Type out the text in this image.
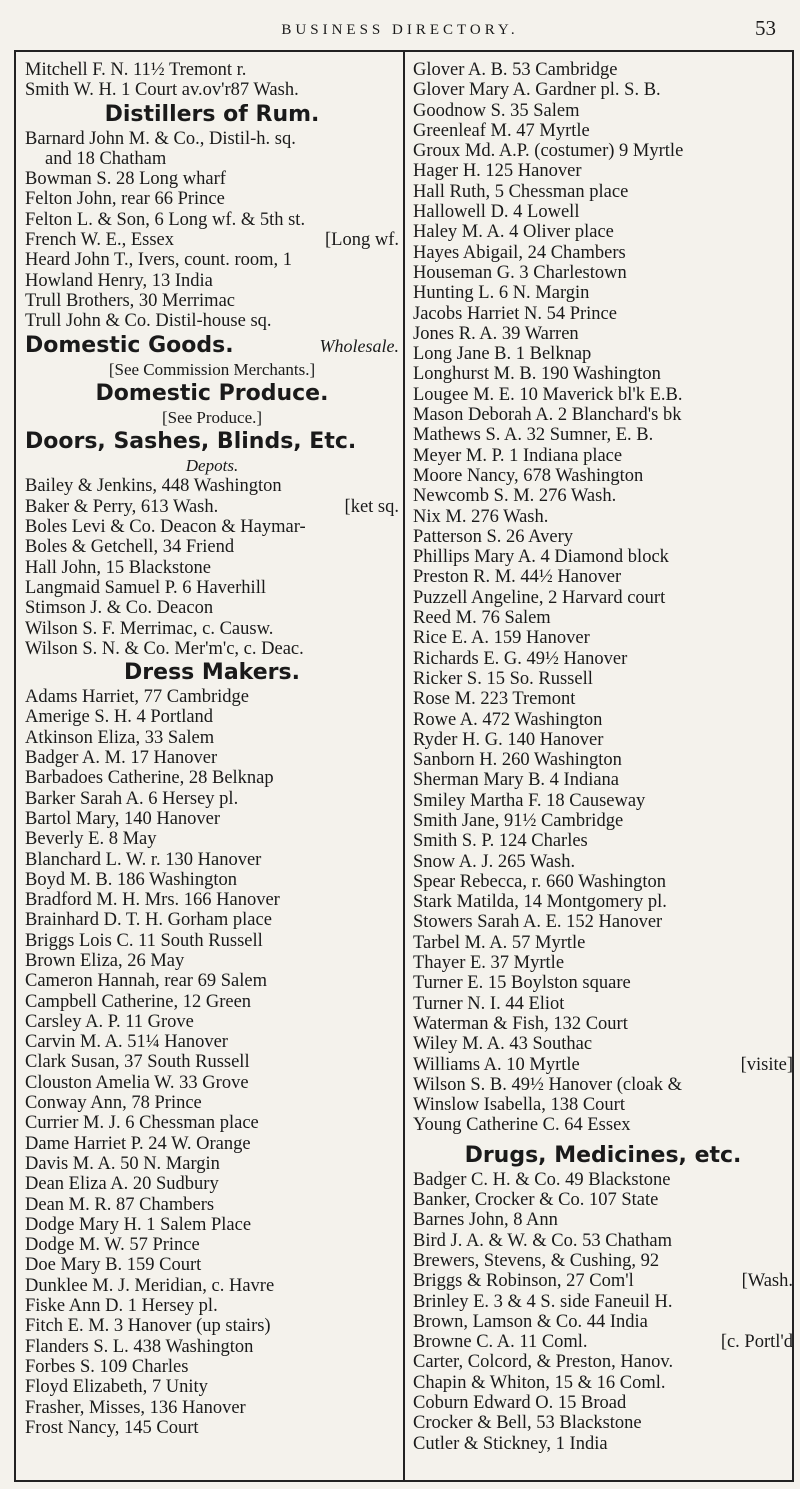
BUSINESS DIRECTORY.	53
Mitchell F. N. 11½ Tremont r.
Smith W. H. 1 Court av.ov'r87 Wash.
Distillers of Rum.
Barnard John M. & Co., Distil-h. sq.
and 18 Chatham
Bowman S. 28 Long wharf
Felton John, rear 66 Prince
Felton L. & Son, 6 Long wf. & 5th st.
French W. E., Essex	[Long wf.
Heard John T., Ivers, count. room, 1
Howland Henry, 13 India
Trull Brothers, 30 Merrimac
Trull John & Co. Distil-house sq.
Domestic Goods.	Wholesale.
[See Commission Merchants.]
Domestic Produce.
[See Produce.]
Doors, Sashes, Blinds, Etc.
Depots.
Bailey & Jenkins, 448 Washington
Baker & Perry, 613 Wash.	[ket sq.
Boles Levi & Co. Deacon & Haymar-
Boles & Getchell, 34 Friend
Hall John, 15 Blackstone
Langmaid Samuel P. 6 Haverhill
Stimson J. & Co. Deacon
Wilson S. F. Merrimac, c. Causw.
Wilson S. N. & Co. Mer'm'c, c. Deac.
Dress Makers.
Adams Harriet, 77 Cambridge
Amerige S. H. 4 Portland
Atkinson Eliza, 33 Salem
Badger A. M. 17 Hanover
Barbadoes Catherine, 28 Belknap
Barker Sarah A. 6 Hersey pl.
Bartol Mary, 140 Hanover
Beverly E. 8 May
Blanchard L. W. r. 130 Hanover
Boyd M. B. 186 Washington
Bradford M. H. Mrs. 166 Hanover
Brainhard D. T. H. Gorham place
Briggs Lois C. 11 South Russell
Brown Eliza, 26 May
Cameron Hannah, rear 69 Salem
Campbell Catherine, 12 Green
Carsley A. P. 11 Grove
Carvin M. A. 51¼ Hanover
Clark Susan, 37 South Russell
Clouston Amelia W. 33 Grove
Conway Ann, 78 Prince
Currier M. J. 6 Chessman place
Dame Harriet P. 24 W. Orange
Davis M. A. 50 N. Margin
Dean Eliza A. 20 Sudbury
Dean M. R. 87 Chambers
Dodge Mary H. 1 Salem Place
Dodge M. W. 57 Prince
Doe Mary B. 159 Court
Dunklee M. J. Meridian, c. Havre
Fiske Ann D. 1 Hersey pl.
Fitch E. M. 3 Hanover (up stairs)
Flanders S. L. 438 Washington
Forbes S. 109 Charles
Floyd Elizabeth, 7 Unity
Frasher, Misses, 136 Hanover
Frost Nancy, 145 Court
Glover A. B. 53 Cambridge
Glover Mary A. Gardner pl. S. B.
Goodnow S. 35 Salem
Greenleaf M. 47 Myrtle
Groux Md. A.P. (costumer) 9 Myrtle
Hager H. 125 Hanover
Hall Ruth, 5 Chessman place
Hallowell D. 4 Lowell
Haley M. A. 4 Oliver place
Hayes Abigail, 24 Chambers
Houseman G. 3 Charlestown
Hunting L. 6 N. Margin
Jacobs Harriet N. 54 Prince
Jones R. A. 39 Warren
Long Jane B. 1 Belknap
Longhurst M. B. 190 Washington
Lougee M. E. 10 Maverick bl'k E.B.
Mason Deborah A. 2 Blanchard's bk
Mathews S. A. 32 Sumner, E. B.
Meyer M. P. 1 Indiana place
Moore Nancy, 678 Washington
Newcomb S. M. 276 Wash.
Nix M. 276 Wash.
Patterson S. 26 Avery
Phillips Mary A. 4 Diamond block
Preston R. M. 44½ Hanover
Puzzell Angeline, 2 Harvard court
Reed M. 76 Salem
Rice E. A. 159 Hanover
Richards E. G. 49½ Hanover
Ricker S. 15 So. Russell
Rose M. 223 Tremont
Rowe A. 472 Washington
Ryder H. G. 140 Hanover
Sanborn H. 260 Washington
Sherman Mary B. 4 Indiana
Smiley Martha F. 18 Causeway
Smith Jane, 91½ Cambridge
Smith S. P. 124 Charles
Snow A. J. 265 Wash.
Spear Rebecca, r. 660 Washington
Stark Matilda, 14 Montgomery pl.
Stowers Sarah A. E. 152 Hanover
Tarbel M. A. 57 Myrtle
Thayer E. 37 Myrtle
Turner E. 15 Boylston square
Turner N. I. 44 Eliot
Waterman & Fish, 132 Court
Wiley M. A. 43 Southac
Williams A. 10 Myrtle	[visite]
Wilson S. B. 49½ Hanover (cloak &
Winslow Isabella, 138 Court
Young Catherine C. 64 Essex
Drugs, Medicines, etc.
Badger C. H. & Co. 49 Blackstone
Banker, Crocker & Co. 107 State
Barnes John, 8 Ann
Bird J. A. & W. & Co. 53 Chatham
Brewers, Stevens, & Cushing, 92
Briggs & Robinson, 27 Com'l	[Wash.
Brinley E. 3 & 4 S. side Faneuil H.
Brown, Lamson & Co. 44 India
Browne C. A. 11 Coml.	[c. Portl'd
Carter, Colcord, & Preston, Hanov.
Chapin & Whiton, 15 & 16 Coml.
Coburn Edward O. 15 Broad
Crocker & Bell, 53 Blackstone
Cutler & Stickney, 1 India
